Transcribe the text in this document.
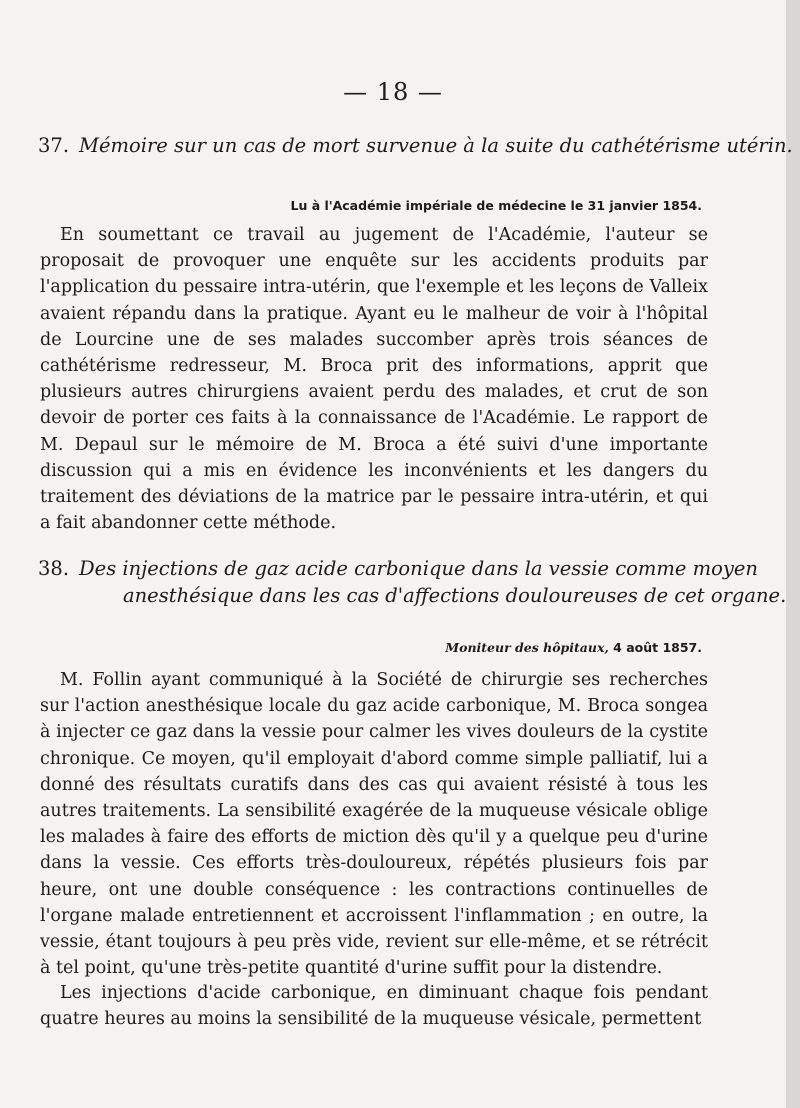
— 18 —
37. Mémoire sur un cas de mort survenue à la suite du cathétérisme utérin.
Lu à l'Académie impériale de médecine le 31 janvier 1854.

En soumettant ce travail au jugement de l'Académie, l'auteur se proposait de provoquer une enquête sur les accidents produits par l'application du pessaire intra-utérin, que l'exemple et les leçons de Valleix avaient répandu dans la pratique. Ayant eu le malheur de voir à l'hôpital de Lourcine une de ses malades succomber après trois séances de cathétérisme redresseur, M. Broca prit des informations, apprit que plusieurs autres chirurgiens avaient perdu des malades, et crut de son devoir de porter ces faits à la connaissance de l'Académie. Le rapport de M. Depaul sur le mémoire de M. Broca a été suivi d'une importante discussion qui a mis en évidence les inconvénients et les dangers du traitement des déviations de la matrice par le pessaire intra-utérin, et qui a fait abandonner cette méthode.

38. Des injections de gaz acide carbonique dans la vessie comme moyen anesthésique dans les cas d'affections douloureuses de cet organe.
Moniteur des hôpitaux, 4 août 1857.

M. Follin ayant communiqué à la Société de chirurgie ses recherches sur l'action anesthésique locale du gaz acide carbonique, M. Broca songea à injecter ce gaz dans la vessie pour calmer les vives douleurs de la cystite chronique. Ce moyen, qu'il employait d'abord comme simple palliatif, lui a donné des résultats curatifs dans des cas qui avaient résisté à tous les autres traitements. La sensibilité exagérée de la muqueuse vésicale oblige les malades à faire des efforts de miction dès qu'il y a quelque peu d'urine dans la vessie. Ces efforts très-douloureux, répétés plusieurs fois par heure, ont une double conséquence : les contractions continuelles de l'organe malade entretiennent et accroissent l'inflammation ; en outre, la vessie, étant toujours à peu près vide, revient sur elle-même, et se rétrécit à tel point, qu'une très-petite quantité d'urine suffit pour la distendre.

Les injections d'acide carbonique, en diminuant chaque fois pendant quatre heures au moins la sensibilité de la muqueuse vésicale, permettent
